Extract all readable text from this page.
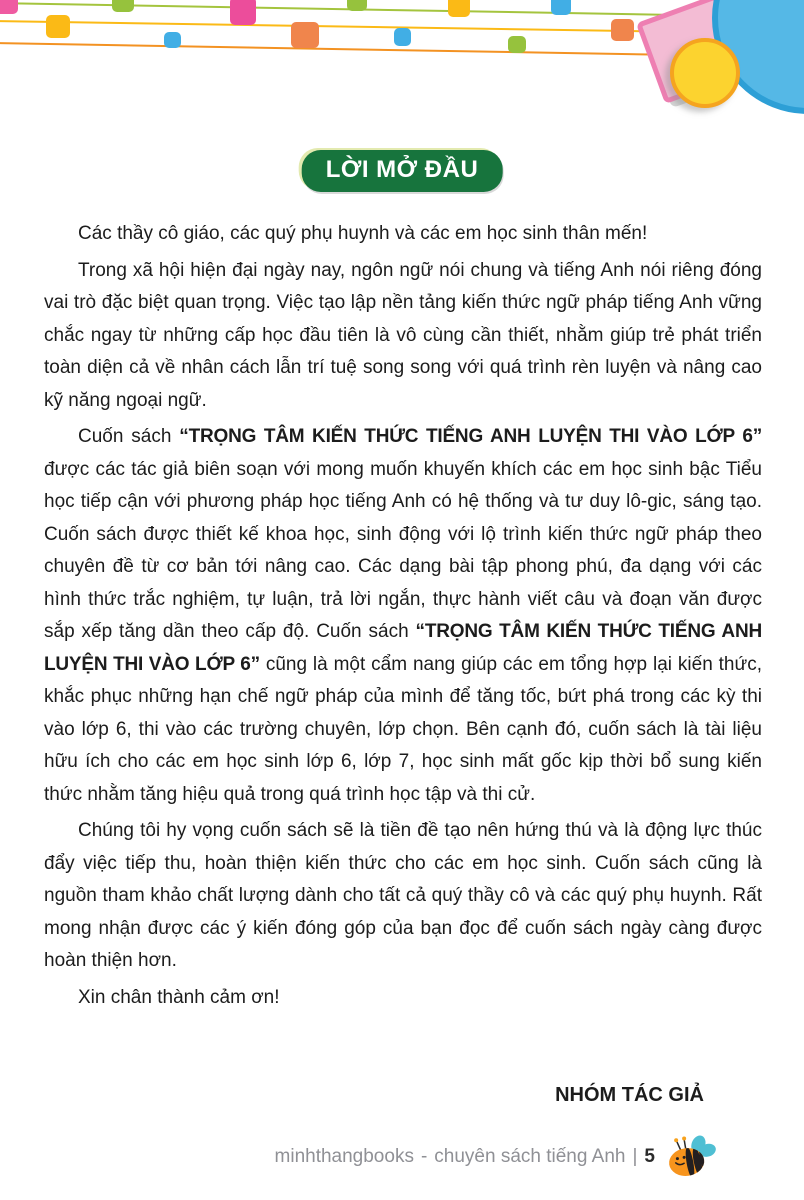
LỜI MỞ ĐẦU

Các thầy cô giáo, các quý phụ huynh và các em học sinh thân mến!

Trong xã hội hiện đại ngày nay, ngôn ngữ nói chung và tiếng Anh nói riêng đóng vai trò đặc biệt quan trọng. Việc tạo lập nền tảng kiến thức ngữ pháp tiếng Anh vững chắc ngay từ những cấp học đầu tiên là vô cùng cần thiết, nhằm giúp trẻ phát triển toàn diện cả về nhân cách lẫn trí tuệ song song với quá trình rèn luyện và nâng cao kỹ năng ngoại ngữ.

Cuốn sách “TRỌNG TÂM KIẾN THỨC TIẾNG ANH LUYỆN THI VÀO LỚP 6” được các tác giả biên soạn với mong muốn khuyến khích các em học sinh bậc Tiểu học tiếp cận với phương pháp học tiếng Anh có hệ thống và tư duy lô-gic, sáng tạo. Cuốn sách được thiết kế khoa học, sinh động với lộ trình kiến thức ngữ pháp theo chuyên đề từ cơ bản tới nâng cao. Các dạng bài tập phong phú, đa dạng với các hình thức trắc nghiệm, tự luận, trả lời ngắn, thực hành viết câu và đoạn văn được sắp xếp tăng dần theo cấp độ. Cuốn sách “TRỌNG TÂM KIẾN THỨC TIẾNG ANH LUYỆN THI VÀO LỚP 6” cũng là một cẩm nang giúp các em tổng hợp lại kiến thức, khắc phục những hạn chế ngữ pháp của mình để tăng tốc, bứt phá trong các kỳ thi vào lớp 6, thi vào các trường chuyên, lớp chọn. Bên cạnh đó, cuốn sách là tài liệu hữu ích cho các em học sinh lớp 6, lớp 7, học sinh mất gốc kịp thời bổ sung kiến thức nhằm tăng hiệu quả trong quá trình học tập và thi cử.

Chúng tôi hy vọng cuốn sách sẽ là tiền đề tạo nên hứng thú và là động lực thúc đẩy việc tiếp thu, hoàn thiện kiến thức cho các em học sinh. Cuốn sách cũng là nguồn tham khảo chất lượng dành cho tất cả quý thầy cô và các quý phụ huynh. Rất mong nhận được các ý kiến đóng góp của bạn đọc để cuốn sách ngày càng được hoàn thiện hơn.

Xin chân thành cảm ơn!

NHÓM TÁC GIẢ
minhthangbooks - chuyên sách tiếng Anh | 5
